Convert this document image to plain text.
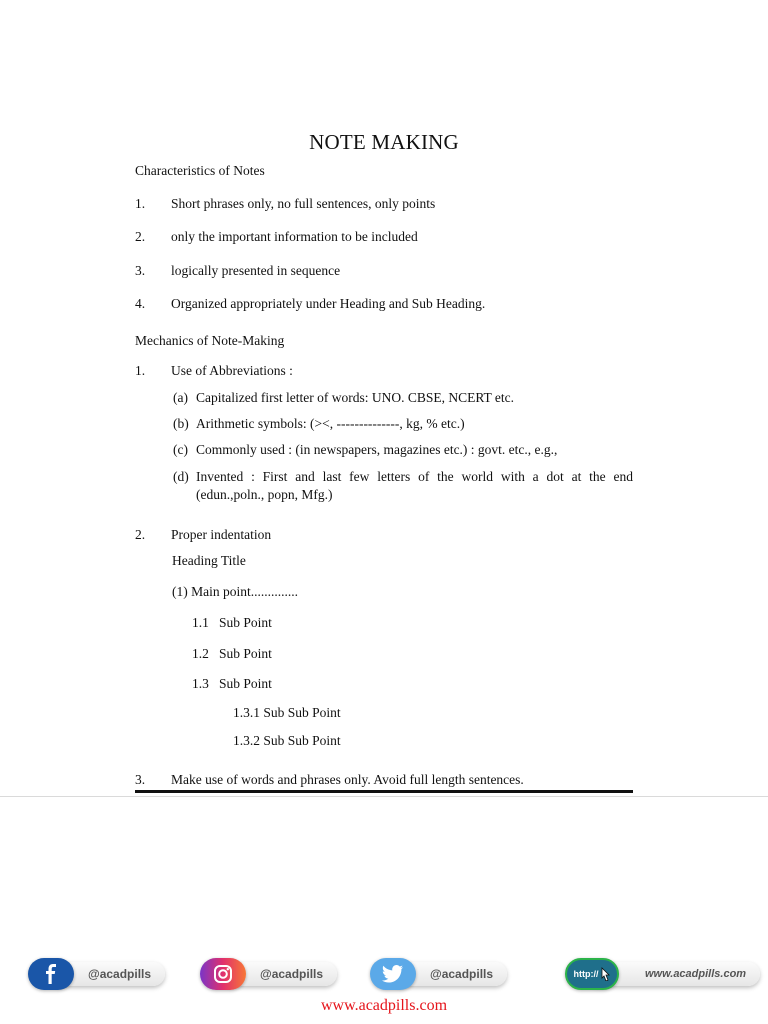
NOTE MAKING
Characteristics of Notes
1. Short phrases only, no full sentences, only points
2. only the important information to be included
3. logically presented in sequence
4. Organized appropriately under Heading and Sub Heading.
Mechanics of Note-Making
1. Use of Abbreviations :
(a) Capitalized first letter of words: UNO. CBSE, NCERT etc.
(b) Arithmetic symbols: (><, --------------, kg, % etc.)
(c) Commonly used : (in newspapers, magazines etc.) : govt. etc., e.g.,
(d) Invented : First and last few letters of the world with a dot at the end
(edun.,poln., popn, Mfg.)
2. Proper indentation
Heading Title
(1) Main point..............
1.1 Sub Point
1.2 Sub Point
1.3 Sub Point
1.3.1 Sub Sub Point
1.3.2 Sub Sub Point
3. Make use of words and phrases only. Avoid full length sentences.
@acadpills	@acadpills	@acadpills	www.acadpills.com
http://
www.acadpills.com
